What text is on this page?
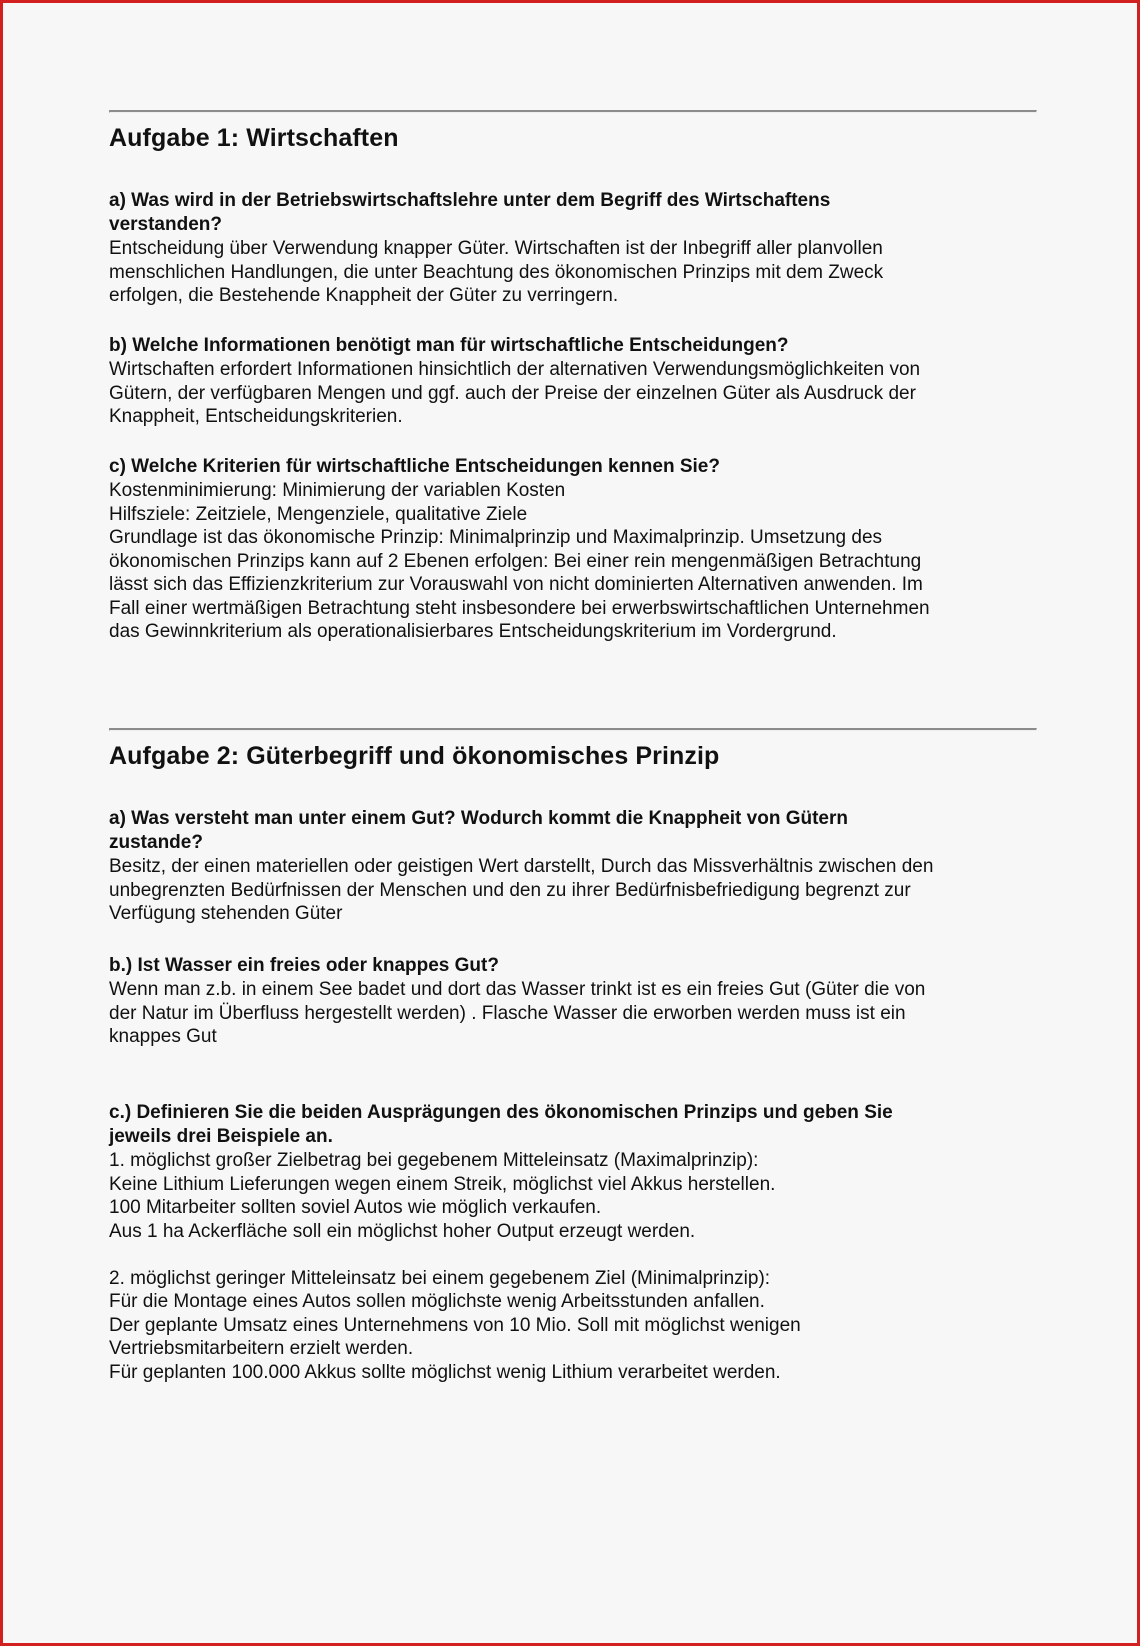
Aufgabe 1: Wirtschaften

a) Was wird in der Betriebswirtschaftslehre unter dem Begriff des Wirtschaftens
verstanden?

Entscheidung über Verwendung knapper Güter. Wirtschaften ist der Inbegriff aller planvollen
menschlichen Handlungen, die unter Beachtung des ökonomischen Prinzips mit dem Zweck
erfolgen, die Bestehende Knappheit der Güter zu verringern.

b) Welche Informationen benötigt man für wirtschaftliche Entscheidungen?

Wirtschaften erfordert Informationen hinsichtlich der alternativen Verwendungsmöglichkeiten von
Gütern, der verfügbaren Mengen und ggf. auch der Preise der einzelnen Güter als Ausdruck der
Knappheit, Entscheidungskriterien.

c) Welche Kriterien für wirtschaftliche Entscheidungen kennen Sie?

Kostenminimierung: Minimierung der variablen Kosten
Hilfsziele: Zeitziele, Mengenziele, qualitative Ziele
Grundlage ist das ökonomische Prinzip: Minimalprinzip und Maximalprinzip. Umsetzung des
ökonomischen Prinzips kann auf 2 Ebenen erfolgen: Bei einer rein mengenmäßigen Betrachtung
lässt sich das Effizienzkriterium zur Vorauswahl von nicht dominierten Alternativen anwenden. Im
Fall einer wertmäßigen Betrachtung steht insbesondere bei erwerbswirtschaftlichen Unternehmen
das Gewinnkriterium als operationalisierbares Entscheidungskriterium im Vordergrund.

Aufgabe 2: Güterbegriff und ökonomisches Prinzip

a) Was versteht man unter einem Gut? Wodurch kommt die Knappheit von Gütern
zustande?

Besitz, der einen materiellen oder geistigen Wert darstellt, Durch das Missverhältnis zwischen den
unbegrenzten Bedürfnissen der Menschen und den zu ihrer Bedürfnisbefriedigung begrenzt zur
Verfügung stehenden Güter

b.) Ist Wasser ein freies oder knappes Gut?

Wenn man z.b. in einem See badet und dort das Wasser trinkt ist es ein freies Gut (Güter die von
der Natur im Überfluss hergestellt werden) . Flasche Wasser die erworben werden muss ist ein
knappes Gut

c.) Definieren Sie die beiden Ausprägungen des ökonomischen Prinzips und geben Sie
jeweils drei Beispiele an.

1. möglichst großer Zielbetrag bei gegebenem Mitteleinsatz (Maximalprinzip):
Keine Lithium Lieferungen wegen einem Streik, möglichst viel Akkus herstellen.
100 Mitarbeiter sollten soviel Autos wie möglich verkaufen.
Aus 1 ha Ackerfläche soll ein möglichst hoher Output erzeugt werden.

2. möglichst geringer Mitteleinsatz bei einem gegebenem Ziel (Minimalprinzip):
Für die Montage eines Autos sollen möglichste wenig Arbeitsstunden anfallen.
Der geplante Umsatz eines Unternehmens von 10 Mio. Soll mit möglichst wenigen
Vertriebsmitarbeitern erzielt werden.
Für geplanten 100.000 Akkus sollte möglichst wenig Lithium verarbeitet werden.
